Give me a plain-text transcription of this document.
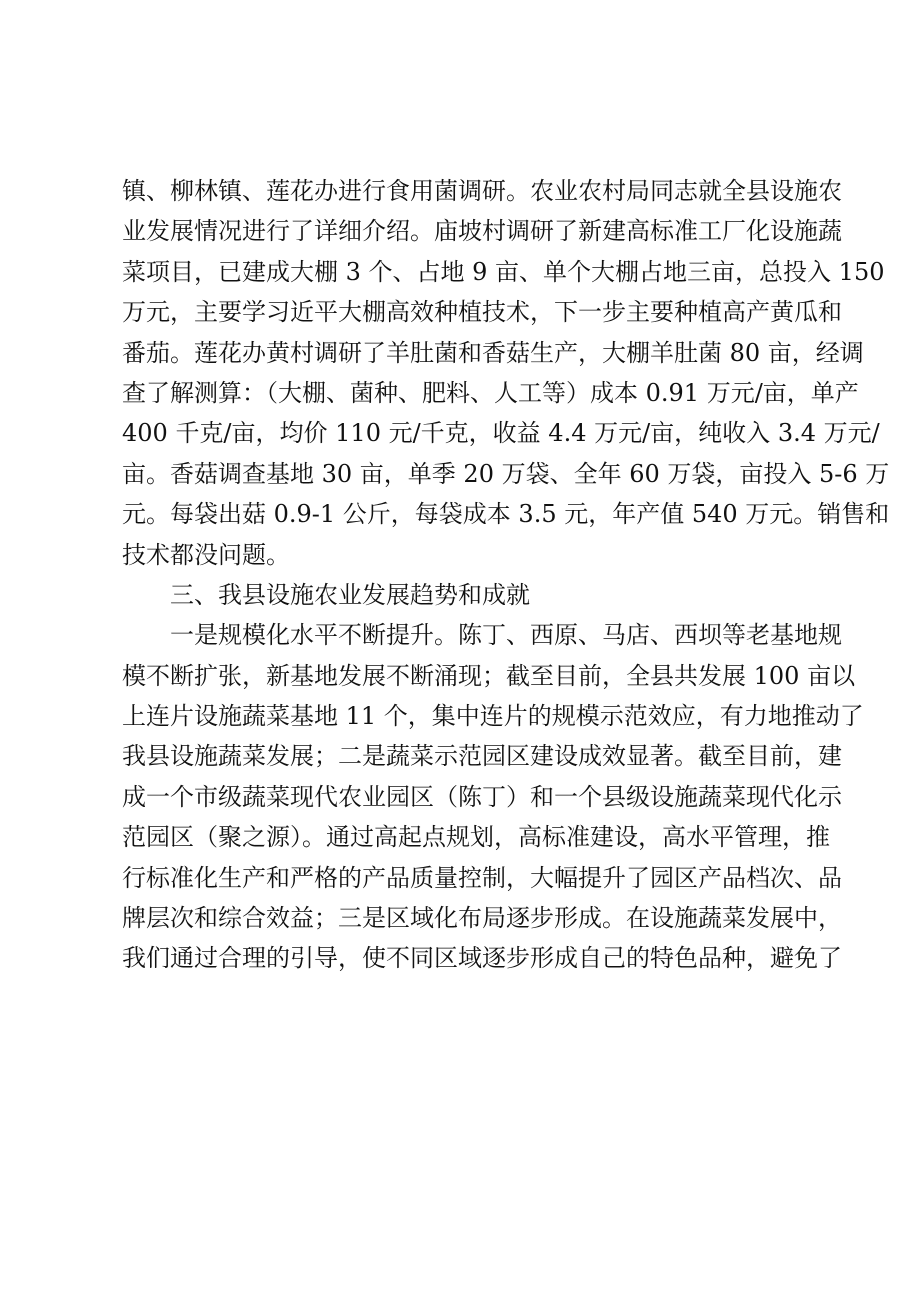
镇、柳林镇、莲花办进行食用菌调研。农业农村局同志就全县设施农
业发展情况进行了详细介绍。庙坡村调研了新建高标准工厂化设施蔬
菜项目，已建成大棚 3 个、占地 9 亩、单个大棚占地三亩，总投入 150
万元，主要学习近平大棚高效种植技术，下一步主要种植高产黄瓜和
番茄。莲花办黄村调研了羊肚菌和香菇生产，大棚羊肚菌 80 亩，经调
查了解测算：（大棚、菌种、肥料、人工等）成本 0.91 万元/亩，单产
400 千克/亩，均价 110 元/千克，收益 4.4 万元/亩，纯收入 3.4 万元/
亩。香菇调查基地 30 亩，单季 20 万袋、全年 60 万袋，亩投入 5-6 万
元。每袋出菇 0.9-1 公斤，每袋成本 3.5 元，年产值 540 万元。销售和
技术都没问题。
三、我县设施农业发展趋势和成就
一是规模化水平不断提升。陈丁、西原、马店、西坝等老基地规
模不断扩张，新基地发展不断涌现；截至目前，全县共发展 100 亩以
上连片设施蔬菜基地 11 个，集中连片的规模示范效应，有力地推动了
我县设施蔬菜发展；二是蔬菜示范园区建设成效显著。截至目前，建
成一个市级蔬菜现代农业园区（陈丁）和一个县级设施蔬菜现代化示
范园区（聚之源）。通过高起点规划，高标准建设，高水平管理，推
行标准化生产和严格的产品质量控制，大幅提升了园区产品档次、品
牌层次和综合效益；三是区域化布局逐步形成。在设施蔬菜发展中，
我们通过合理的引导，使不同区域逐步形成自己的特色品种，避免了
